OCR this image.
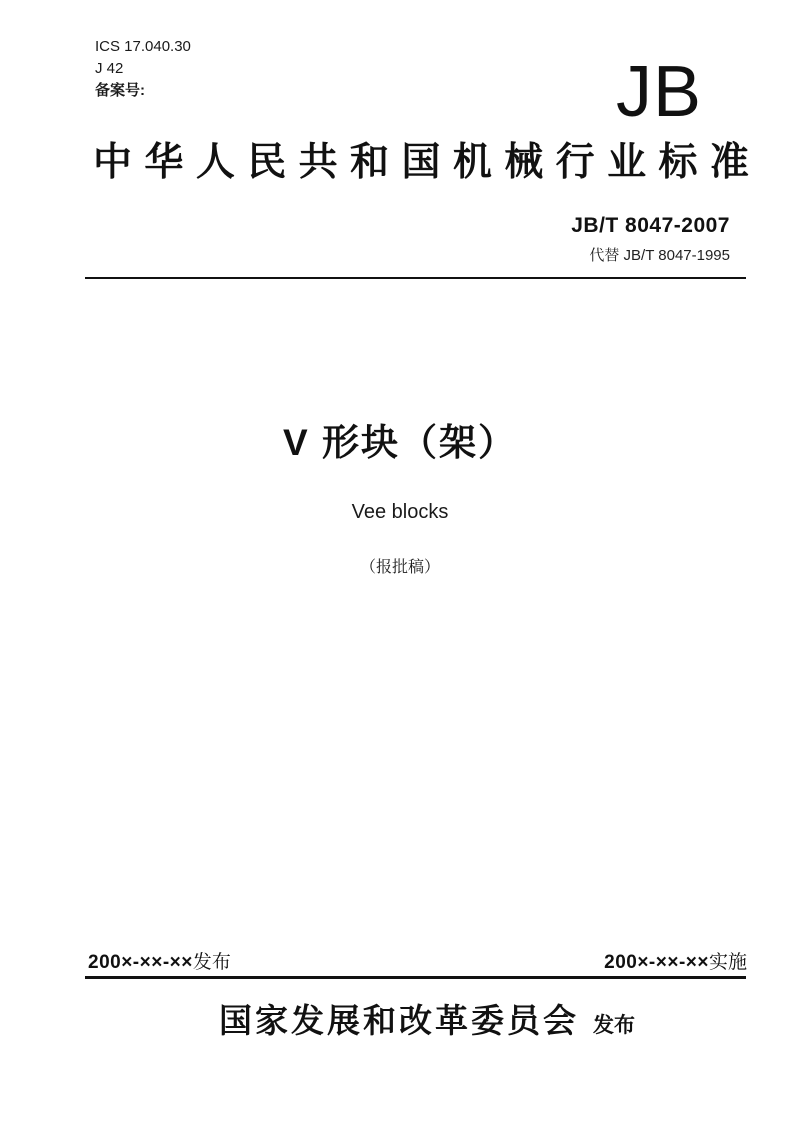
ICS 17.040.30
J 42
备案号:	JB
中 华 人 民 共 和 国 机 械 行 业 标 准
JB/T 8047-2007
代替 JB/T 8047-1995
V 形块（架）
Vee blocks
（报批稿）
200×-××-××发布	200×-××-××实施
国家发展和改革委员会 发布
